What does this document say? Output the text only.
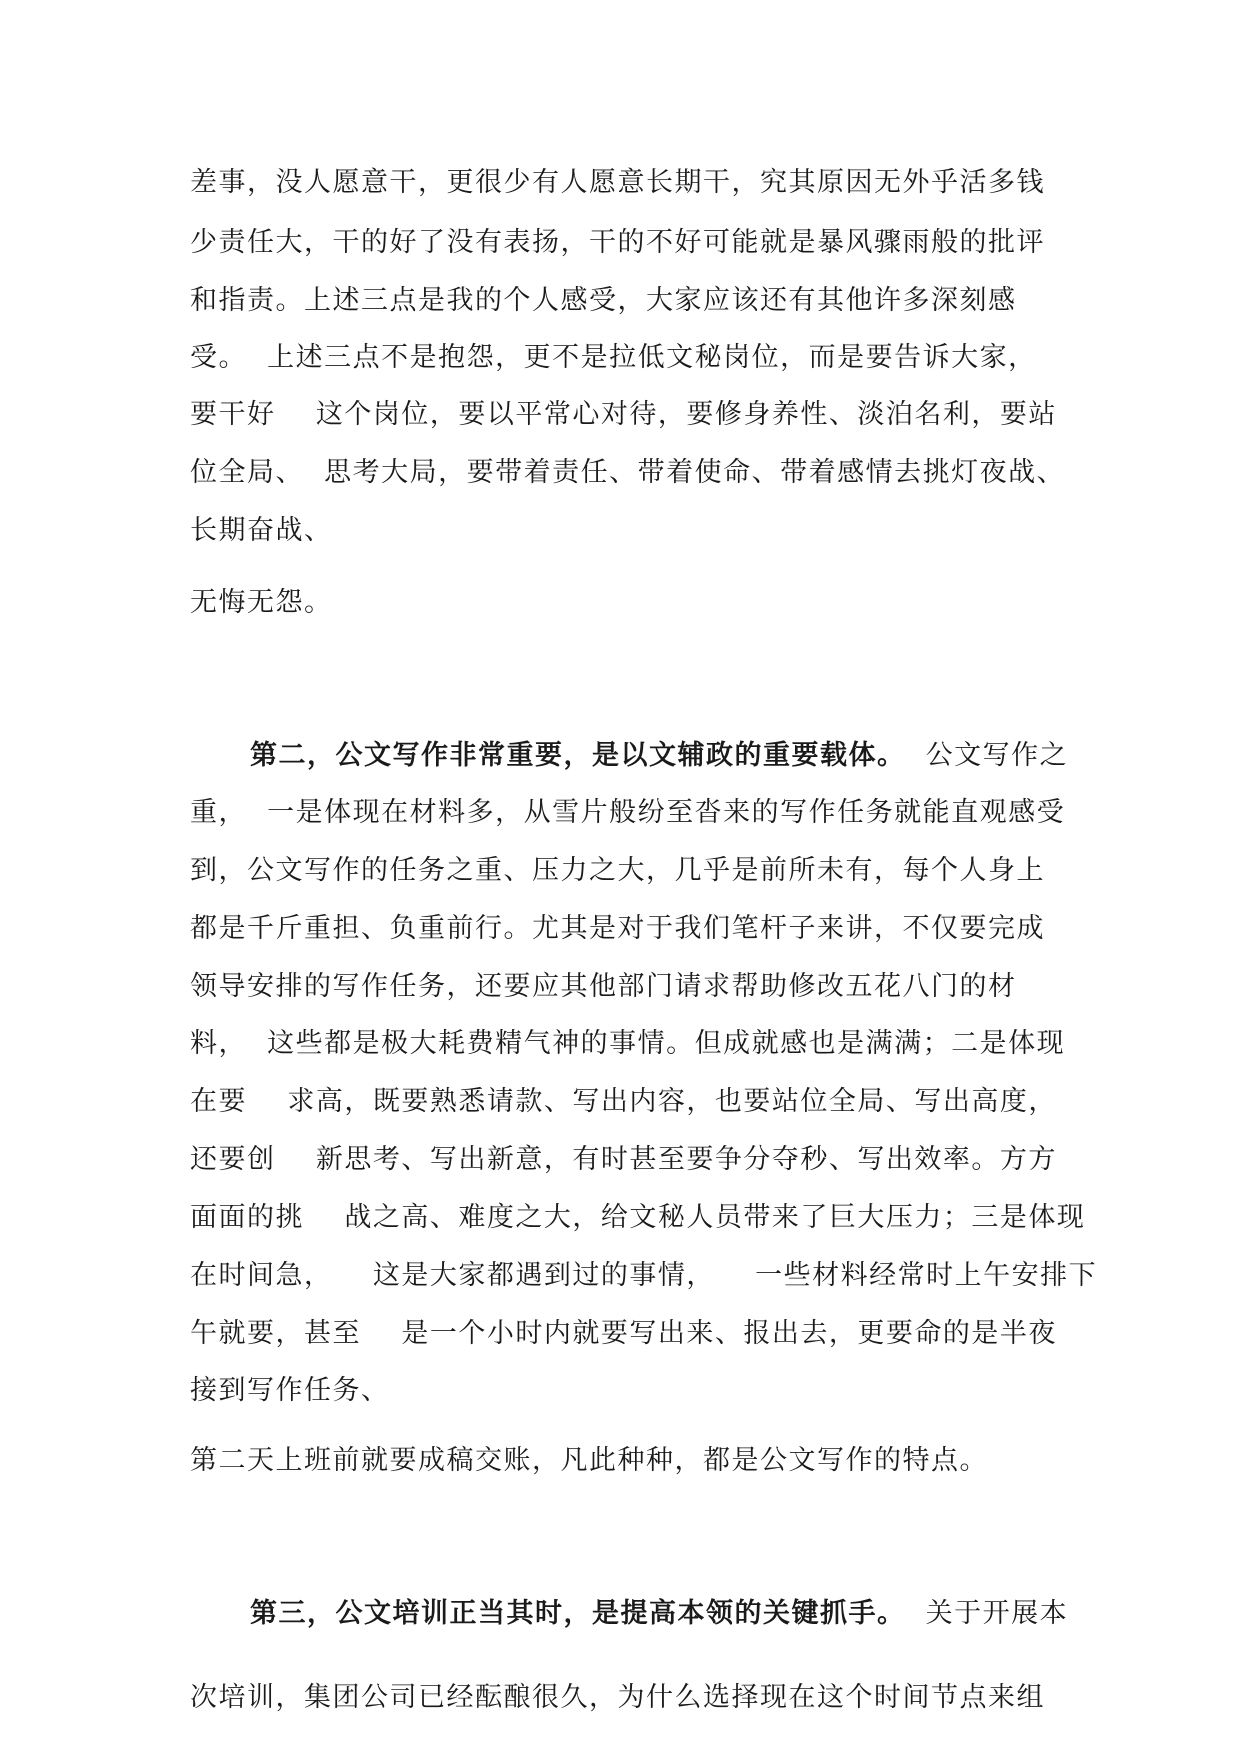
差事，没人愿意干，更很少有人愿意长期干，究其原因无外乎活多钱
少责任大，干的好了没有表扬，干的不好可能就是暴风骤雨般的批评
和指责。上述三点是我的个人感受，大家应该还有其他许多深刻感
受。  上述三点不是抱怨，更不是拉低文秘岗位，而是要告诉大家，
要干好    这个岗位，要以平常心对待，要修身养性、淡泊名利，要站
位全局、  思考大局，要带着责任、带着使命、带着感情去挑灯夜战、
长期奋战、
无悔无怨。
第二，公文写作非常重要，是以文辅政的重要载体。  公文写作之
重，  一是体现在材料多，从雪片般纷至沓来的写作任务就能直观感受
到，公文写作的任务之重、压力之大，几乎是前所未有，每个人身上
都是千斤重担、负重前行。尤其是对于我们笔杆子来讲，不仅要完成
领导安排的写作任务，还要应其他部门请求帮助修改五花八门的材
料，  这些都是极大耗费精气神的事情。但成就感也是满满；二是体现
在要    求高，既要熟悉请款、写出内容，也要站位全局、写出高度，
还要创    新思考、写出新意，有时甚至要争分夺秒、写出效率。方方
面面的挑    战之高、难度之大，给文秘人员带来了巨大压力；三是体现
在时间急，    这是大家都遇到过的事情，    一些材料经常时上午安排下
午就要，甚至    是一个小时内就要写出来、报出去，更要命的是半夜
接到写作任务、
第二天上班前就要成稿交账，凡此种种，都是公文写作的特点。
第三，公文培训正当其时，是提高本领的关键抓手。  关于开展本
次培训，集团公司已经酝酿很久，为什么选择现在这个时间节点来组
